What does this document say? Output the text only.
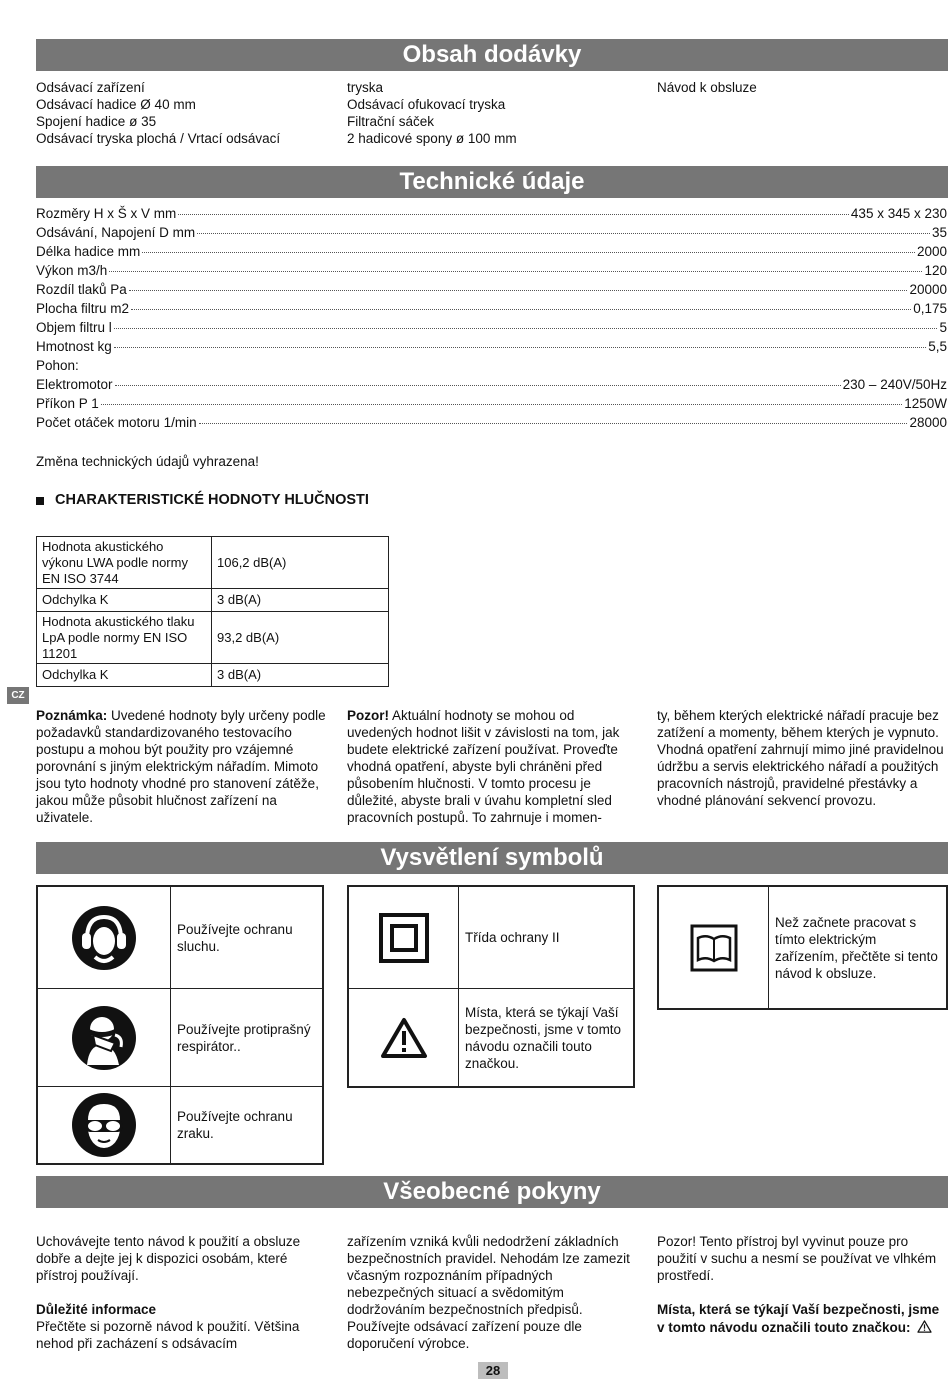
Obsah dodávky
Odsávací zařízení
Odsávací hadice Ø 40 mm
Spojení hadice ø 35
Odsávací tryska plochá / Vrtací odsávací
tryska
Odsávací ofukovací tryska
Filtrační sáček
2 hadicové spony ø 100 mm
Návod k obsluze
Technické údaje
Rozměry H x Š x V mm	435 x 345 x 230
Odsávání, Napojení D mm	35
Délka hadice mm	2000
Výkon m3/h	120
Rozdíl tlaků Pa	20000
Plocha filtru m2	0,175
Objem filtru l	5
Hmotnost kg	5,5
Pohon:
Elektromotor	230 – 240V/50Hz
Příkon P 1	1250W
Počet otáček motoru 1/min	28000
Změna technických údajů vyhrazena!
CHARAKTERISTICKÉ HODNOTY HLUČNOSTI
Hodnota akustického výkonu LWA podle normy EN ISO 3744	106,2 dB(A)
Odchylka K	3 dB(A)
Hodnota akustického tlaku LpA podle normy EN ISO 11201	93,2 dB(A)
Odchylka K	3 dB(A)
CZ
Poznámka: Uvedené hodnoty byly určeny podle požadavků standardizovaného testovacího postupu a mohou být použity pro vzájemné porovnání s jiným elektrickým nářadím. Mimoto jsou tyto hodnoty vhodné pro stanovení zátěže, jakou může působit hlučnost zařízení na uživatele.
Pozor! Aktuální hodnoty se mohou od uvedených hodnot lišit v závislosti na tom, jak budete elektrické zařízení používat. Proveďte vhodná opatření, abyste byli chráněni před působením hlučnosti. V tomto procesu je důležité, abyste brali v úvahu kompletní sled pracovních postupů. To zahrnuje i momen-
ty, během kterých elektrické nářadí pracuje bez zatížení a momenty, během kterých je vypnuto. Vhodná opatření zahrnují mimo jiné pravidelnou údržbu a servis elektrického nářadí a použitých pracovních nástrojů, pravidelné přestávky a vhodné plánování sekvencí provozu.
Vysvětlení symbolů
Používejte ochranu sluchu.
Používejte protiprašný respirátor..
Používejte ochranu zraku.
Třída ochrany II
Místa, která se týkají Vaší bezpečnosti, jsme v tomto návodu označili touto značkou.
Než začnete pracovat s tímto elektrickým zařízením, přečtěte si tento návod k obsluze.
Všeobecné pokyny
Uchovávejte tento návod k použití a obsluze dobře a dejte jej k dispozici osobám, které přístroj používají.
Důležité informace
Přečtěte si pozorně návod k použití. Většina nehod při zacházení s odsávacím
zařízením vzniká kvůli nedodržení základních bezpečnostních pravidel. Nehodám lze zamezit včasným rozpoznáním případných nebezpečných situací a svědomitým dodržováním bezpečnostních předpisů. Používejte odsávací zařízení pouze dle doporučení výrobce.
Pozor! Tento přístroj byl vyvinut pouze pro použití v suchu a nesmí se používat ve vlhkém prostředí.
Místa, která se týkají Vaší bezpečnosti, jsme v tomto návodu označili touto značkou:
28
